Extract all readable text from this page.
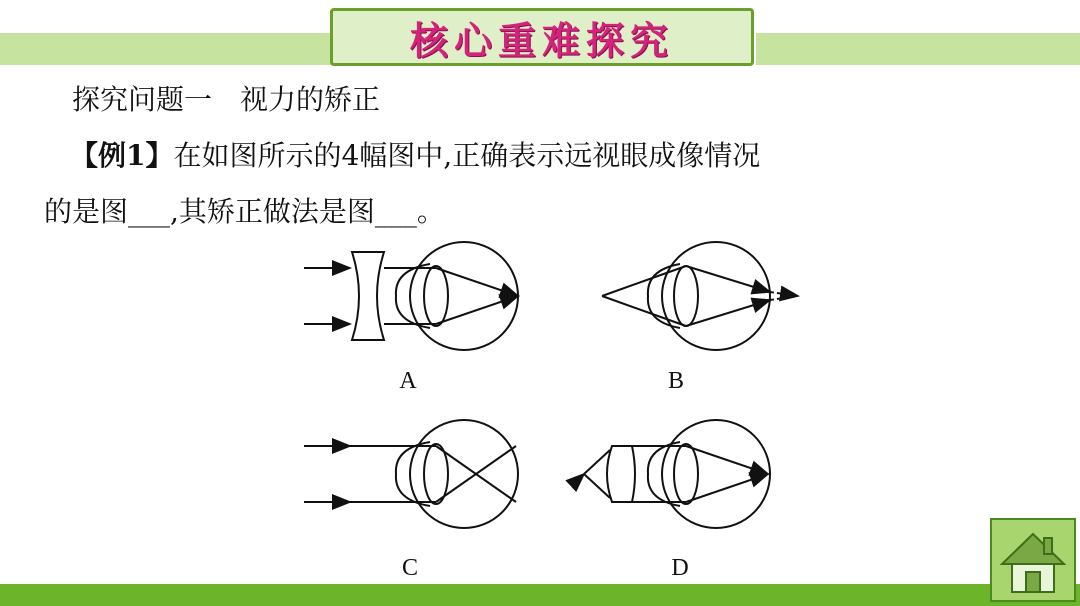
核心重难探究
探究问题一　视力的矫正
【例1】在如图所示的4幅图中,正确表示远视眼成像情况
的是图___,其矫正做法是图___。
A	B
C	D
